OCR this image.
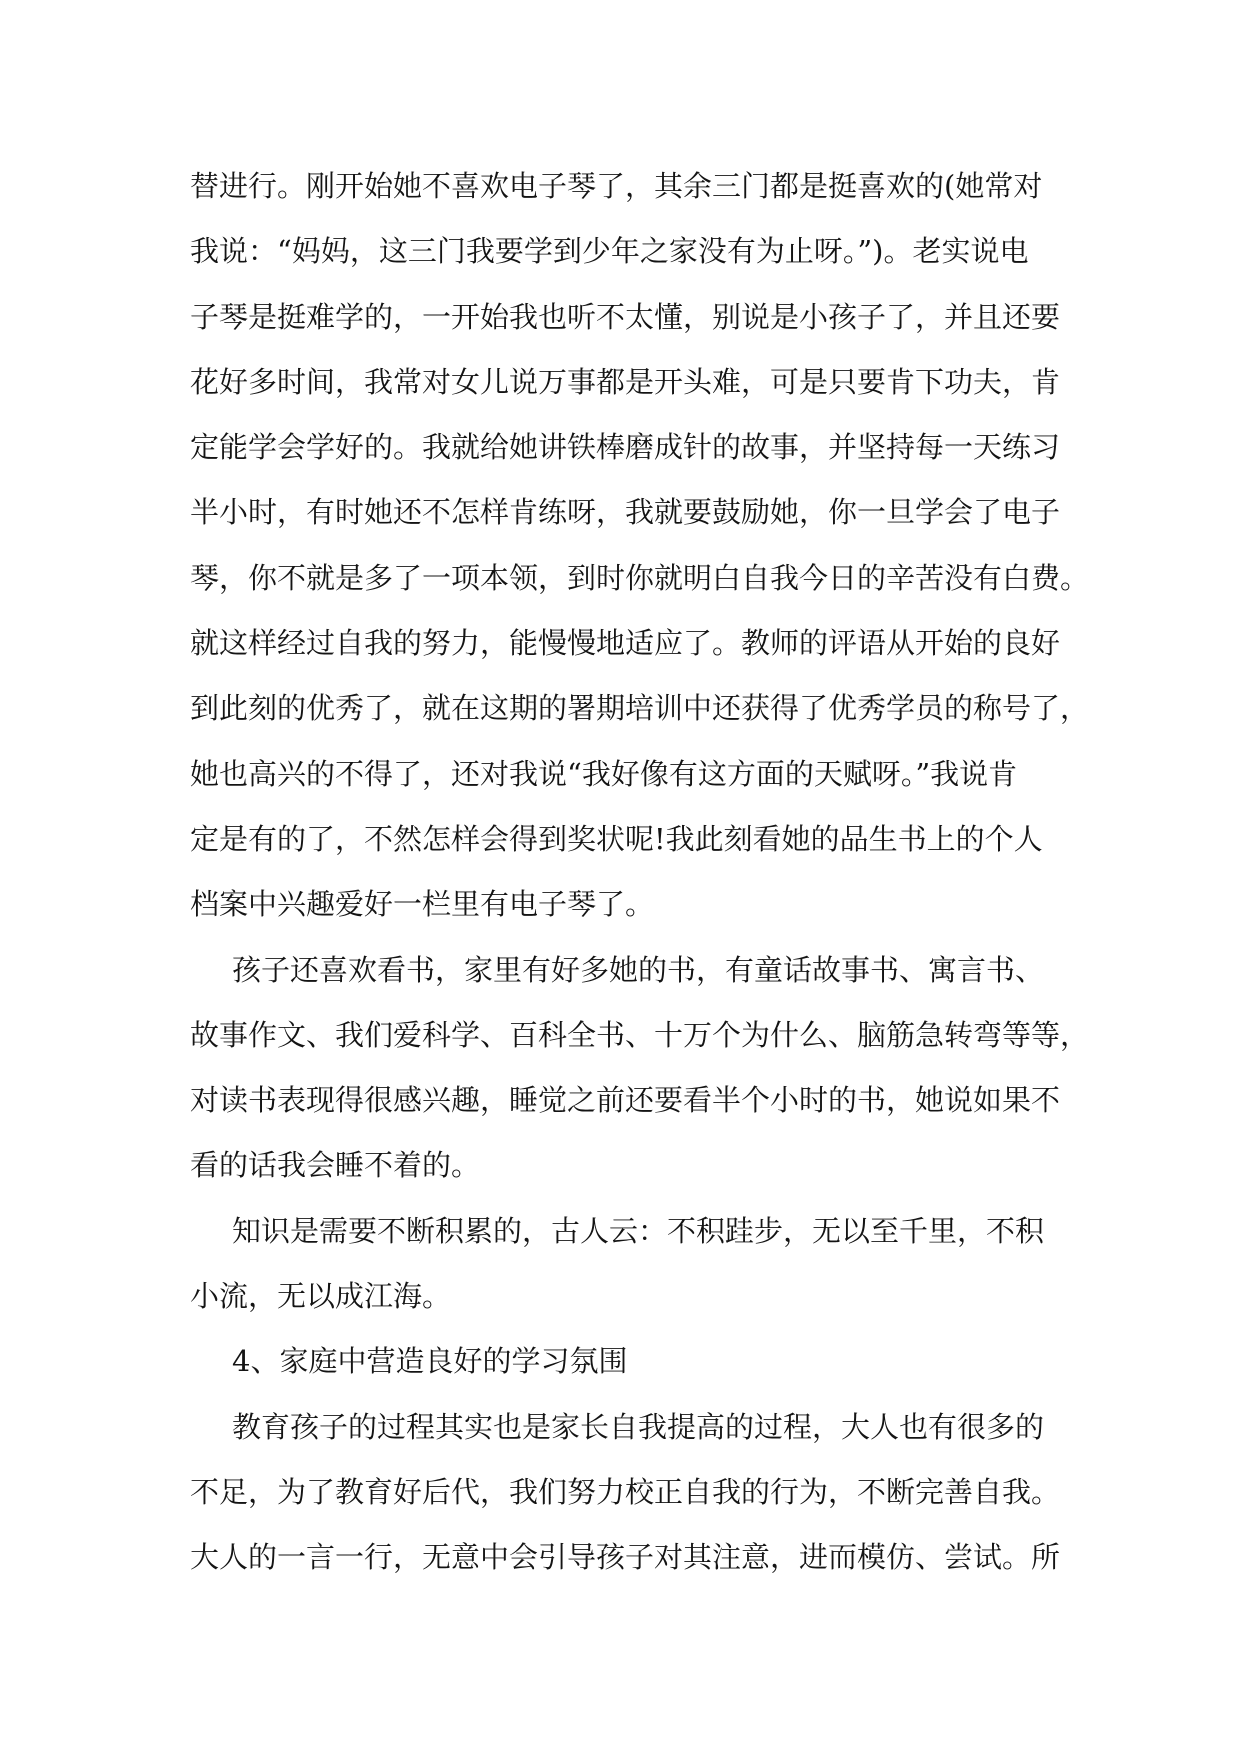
替进行。刚开始她不喜欢电子琴了，其余三门都是挺喜欢的(她常对
我说：“妈妈，这三门我要学到少年之家没有为止呀。”)。老实说电
子琴是挺难学的，一开始我也听不太懂，别说是小孩子了，并且还要
花好多时间，我常对女儿说万事都是开头难，可是只要肯下功夫，肯
定能学会学好的。我就给她讲铁棒磨成针的故事，并坚持每一天练习
半小时，有时她还不怎样肯练呀，我就要鼓励她，你一旦学会了电子
琴，你不就是多了一项本领，到时你就明白自我今日的辛苦没有白费。
就这样经过自我的努力，能慢慢地适应了。教师的评语从开始的良好
到此刻的优秀了，就在这期的署期培训中还获得了优秀学员的称号了，
她也高兴的不得了，还对我说“我好像有这方面的天赋呀。”我说肯
定是有的了，不然怎样会得到奖状呢!我此刻看她的品生书上的个人
档案中兴趣爱好一栏里有电子琴了。
孩子还喜欢看书，家里有好多她的书，有童话故事书、寓言书、
故事作文、我们爱科学、百科全书、十万个为什么、脑筋急转弯等等，
对读书表现得很感兴趣，睡觉之前还要看半个小时的书，她说如果不
看的话我会睡不着的。
知识是需要不断积累的，古人云：不积跬步，无以至千里，不积
小流，无以成江海。
4、家庭中营造良好的学习氛围
教育孩子的过程其实也是家长自我提高的过程，大人也有很多的
不足，为了教育好后代，我们努力校正自我的行为，不断完善自我。
大人的一言一行，无意中会引导孩子对其注意，进而模仿、尝试。所
